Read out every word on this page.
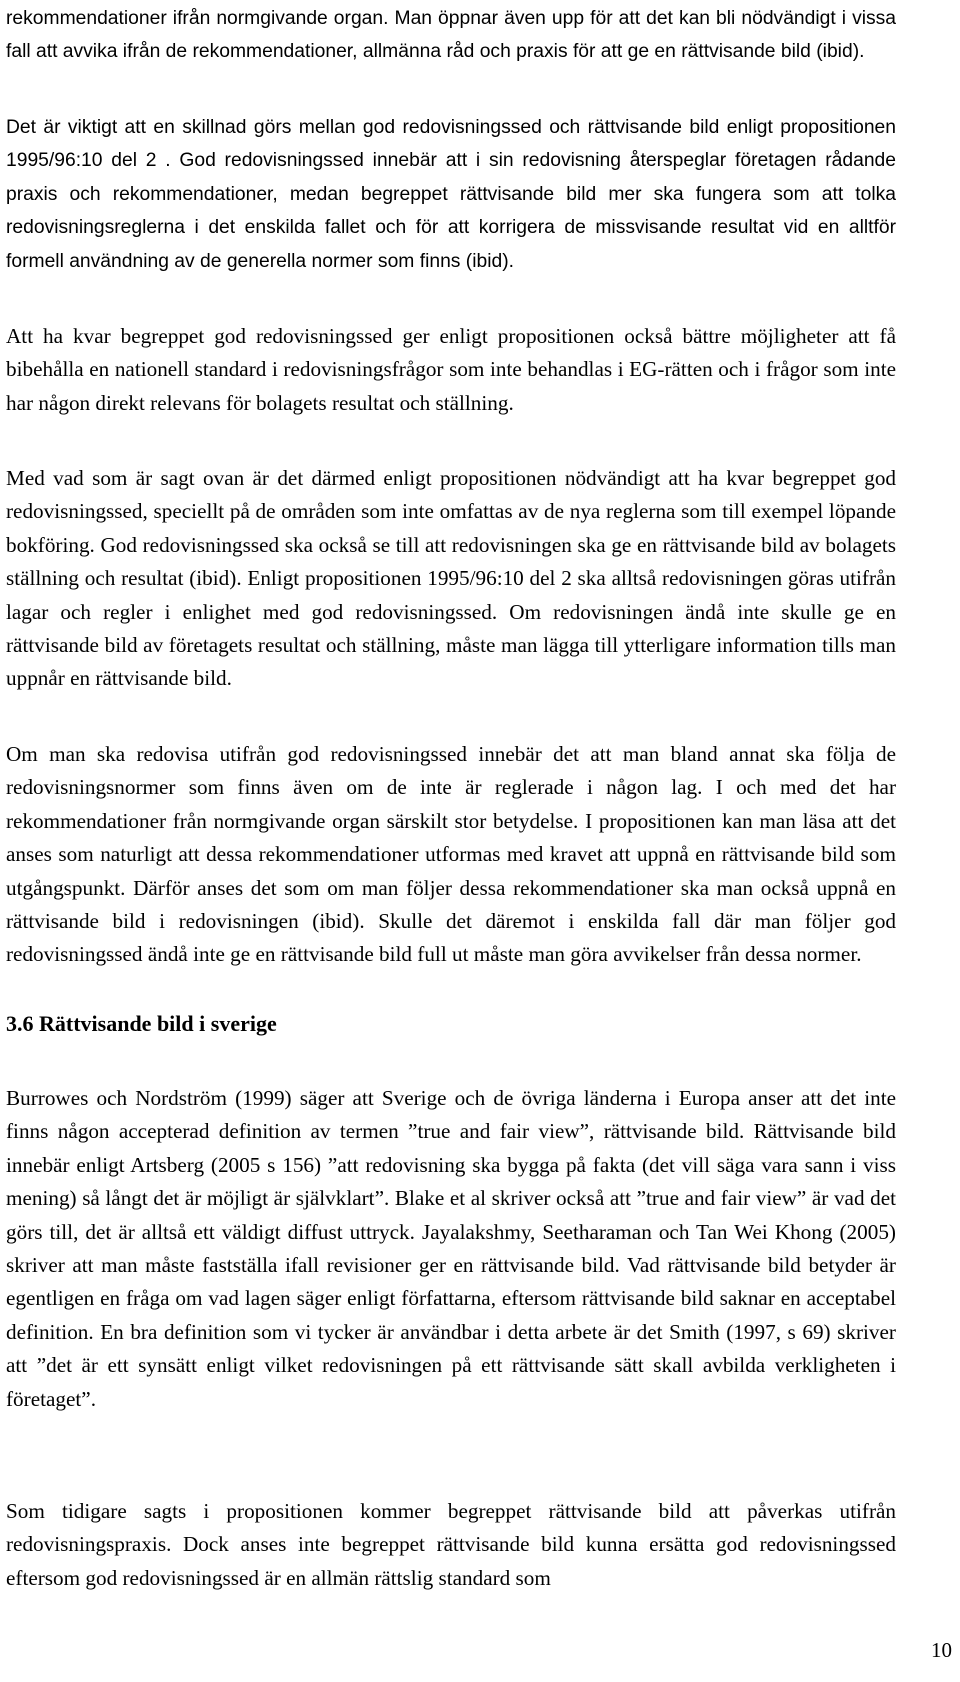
rekommendationer ifrån normgivande organ. Man öppnar även upp för att det kan bli nödvändigt i vissa fall att avvika ifrån de rekommendationer, allmänna råd och praxis för att ge en rättvisande bild (ibid).

Det är viktigt att en skillnad görs mellan god redovisningssed och rättvisande bild enligt propositionen 1995/96:10 del 2 . God redovisningssed innebär att i sin redovisning återspeglar företagen rådande praxis och rekommendationer, medan begreppet rättvisande bild mer ska fungera som att tolka redovisningsreglerna i det enskilda fallet och för att korrigera de missvisande resultat vid en alltför formell användning av de generella normer som finns (ibid).

Att ha kvar begreppet god redovisningssed ger enligt propositionen också bättre möjligheter att få bibehålla en nationell standard i redovisningsfrågor som inte behandlas i EG-rätten och i frågor som inte har någon direkt relevans för bolagets resultat och ställning.

Med vad som är sagt ovan är det därmed enligt propositionen nödvändigt att ha kvar begreppet god redovisningssed, speciellt på de områden som inte omfattas av de nya reglerna som till exempel löpande bokföring. God redovisningssed ska också se till att redovisningen ska ge en rättvisande bild av bolagets ställning och resultat (ibid). Enligt propositionen 1995/96:10 del 2 ska alltså redovisningen göras utifrån lagar och regler i enlighet med god redovisningssed. Om redovisningen ändå inte skulle ge en rättvisande bild av företagets resultat och ställning, måste man lägga till ytterligare information tills man uppnår en rättvisande bild.

Om man ska redovisa utifrån god redovisningssed innebär det att man bland annat ska följa de redovisningsnormer som finns även om de inte är reglerade i någon lag. I och med det har rekommendationer från normgivande organ särskilt stor betydelse. I propositionen kan man läsa att det anses som naturligt att dessa rekommendationer utformas med kravet att uppnå en rättvisande bild som utgångspunkt. Därför anses det som om man följer dessa rekommendationer ska man också uppnå en rättvisande bild i redovisningen (ibid). Skulle det däremot i enskilda fall där man följer god redovisningssed ändå inte ge en rättvisande bild full ut måste man göra avvikelser från dessa normer.

3.6 Rättvisande bild i sverige

Burrowes och Nordström (1999) säger att Sverige och de övriga länderna i Europa anser att det inte finns någon accepterad definition av termen ”true and fair view”, rättvisande bild. Rättvisande bild innebär enligt Artsberg (2005 s 156) ”att redovisning ska bygga på fakta (det vill säga vara sann i viss mening) så långt det är möjligt är självklart”. Blake et al skriver också att ”true and fair view” är vad det görs till, det är alltså ett väldigt diffust uttryck. Jayalakshmy, Seetharaman och Tan Wei Khong (2005) skriver att man måste fastställa ifall revisioner ger en rättvisande bild. Vad rättvisande bild betyder är egentligen en fråga om vad lagen säger enligt författarna, eftersom rättvisande bild saknar en acceptabel definition. En bra definition som vi tycker är användbar i detta arbete är det Smith (1997, s 69) skriver att ”det är ett synsätt enligt vilket redovisningen på ett rättvisande sätt skall avbilda verkligheten i företaget”.

Som tidigare sagts i propositionen kommer begreppet rättvisande bild att påverkas utifrån redovisningspraxis. Dock anses inte begreppet rättvisande bild kunna ersätta god redovisningssed eftersom god redovisningssed är en allmän rättslig standard som

10
